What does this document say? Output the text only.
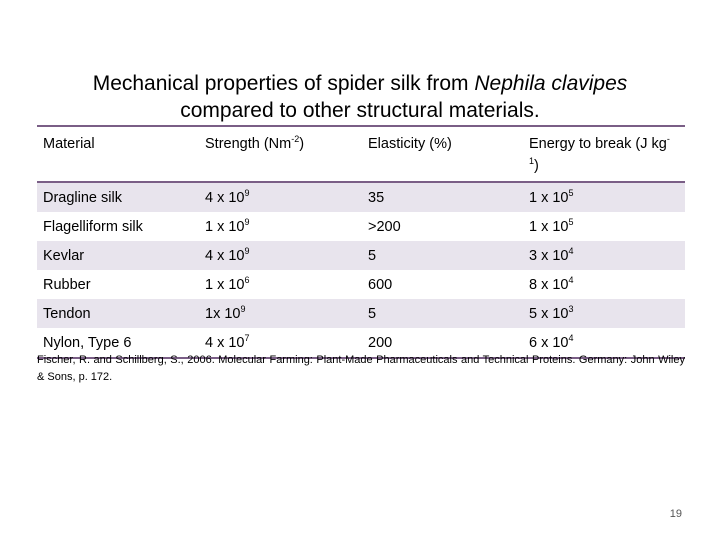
Mechanical properties of spider silk from Nephila clavipes
compared to other structural materials.
Material	Strength $(Nm^{-2})$	Elasticity (%)	Energy to break (J $kg^{-1}$)
Dragline silk	4 x $10^9$	35	1 x $10^5$
Flagelliform silk	1 x $10^9$	>200	1 x $10^5$
Kevlar	4 x $10^9$	5	3 x $10^4$
Rubber	1 x $10^6$	600	8 x $10^4$
Tendon	1x $10^9$	5	5 x $10^3$
Nylon, Type 6	4 x $10^7$	200	6 x $10^4$
Fischer, R. and Schillberg, S., 2006. Molecular Farming: Plant-Made Pharmaceuticals and Technical Proteins. Germany: John Wiley & Sons, p. 172.
19
